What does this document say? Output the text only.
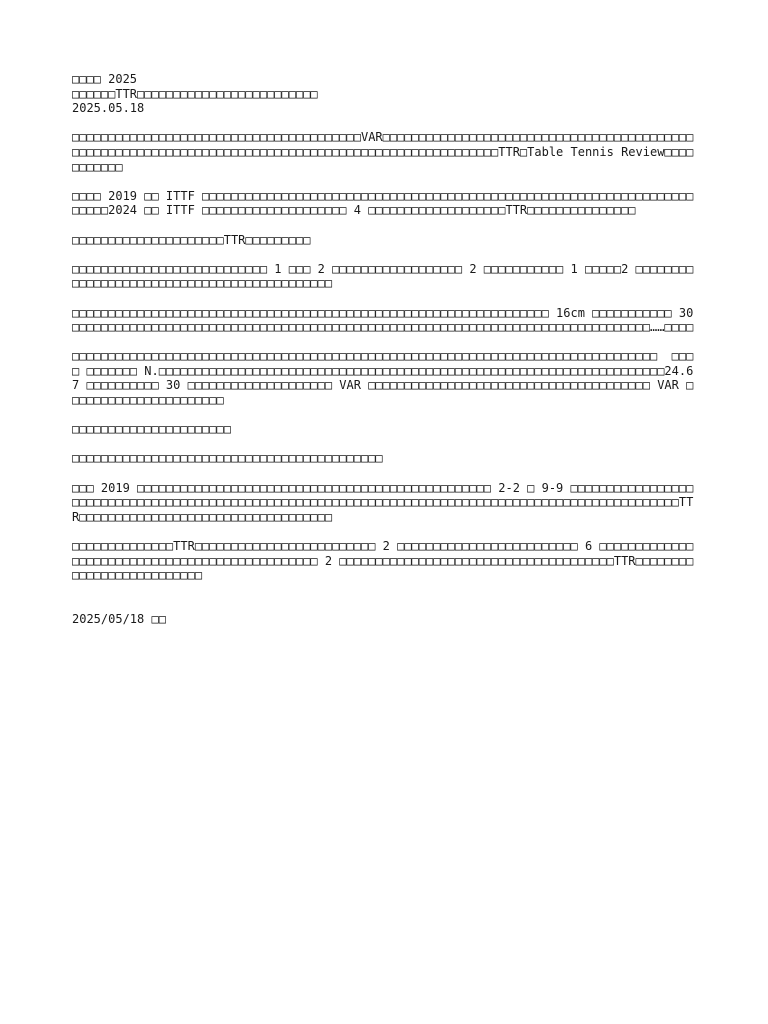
□□□□ 2025
□□□□□□TTR□□□□□□□□□□□□□□□□□□□□□□□□□
2025.05.18

□□□□□□□□□□□□□□□□□□□□□□□□□□□□□□□□□□□□□□□□VAR□□□□□□□□□□□□□□□□□□□□□□□□□□□□□□□□□□□□□□□□□□□□□□□□□□□□□□□□□□□□□□□□□□□□□□□□□□□□□□□□□□□□□□□□□□□□□□□□□□□□□□TTR□Table Tennis Review□□□□□□□□□□□

□□□□ 2019 □□ ITTF □□□□□□□□□□□□□□□□□□□□□□□□□□□□□□□□□□□□□□□□□□□□□□□□□□□□□□□□□□□□□□□□□□□□□□□□□2024 □□ ITTF □□□□□□□□□□□□□□□□□□□□ 4 □□□□□□□□□□□□□□□□□□□TTR□□□□□□□□□□□□□□□

□□□□□□□□□□□□□□□□□□□□□TTR□□□□□□□□□

□□□□□□□□□□□□□□□□□□□□□□□□□□□ 1 □□□ 2 □□□□□□□□□□□□□□□□□□ 2 □□□□□□□□□□□ 1 □□□□□2 □□□□□□□□□□□□□□□□□□□□□□□□□□□□□□□□□□□□□□□□□□□□

□□□□□□□□□□□□□□□□□□□□□□□□□□□□□□□□□□□□□□□□□□□□□□□□□□□□□□□□□□□□□□□□□□ 16cm □□□□□□□□□□□ 30 □□□□□□□□□□□□□□□□□□□□□□□□□□□□□□□□□□□□□□□□□□□□□□□□□□□□□□□□□□□□□□□□□□□□□□□□□□□□□□□□……□□□□

□□□□□□□□□□□□□□□□□□□□□□□□□□□□□□□□□□□□□□□□□□□□□□□□□□□□□□□□□□□□□□□□□□□□□□□□□□□□□□□□□  □□□□ □□□□□□□ N.□□□□□□□□□□□□□□□□□□□□□□□□□□□□□□□□□□□□□□□□□□□□□□□□□□□□□□□□□□□□□□□□□□□□□□24.67 □□□□□□□□□□ 30 □□□□□□□□□□□□□□□□□□□□ VAR □□□□□□□□□□□□□□□□□□□□□□□□□□□□□□□□□□□□□□□ VAR □□□□□□□□□□□□□□□□□□□□□□

□□□□□□□□□□□□□□□□□□□□□□

□□□□□□□□□□□□□□□□□□□□□□□□□□□□□□□□□□□□□□□□□□□

□□□ 2019 □□□□□□□□□□□□□□□□□□□□□□□□□□□□□□□□□□□□□□□□□□□□□□□□□ 2-2 □ 9-9 □□□□□□□□□□□□□□□□□□□□□□□□□□□□□□□□□□□□□□□□□□□□□□□□□□□□□□□□□□□□□□□□□□□□□□□□□□□□□□□□□□□□□□□□□□□□□□□□□□□□□TTR□□□□□□□□□□□□□□□□□□□□□□□□□□□□□□□□□□□

□□□□□□□□□□□□□□TTR□□□□□□□□□□□□□□□□□□□□□□□□□ 2 □□□□□□□□□□□□□□□□□□□□□□□□□ 6 □□□□□□□□□□□□□□□□□□□□□□□□□□□□□□□□□□□□□□□□□□□□□□□ 2 □□□□□□□□□□□□□□□□□□□□□□□□□□□□□□□□□□□□□□TTR□□□□□□□□□□□□□□□□□□□□□□□□□□

2025/05/18 □□
